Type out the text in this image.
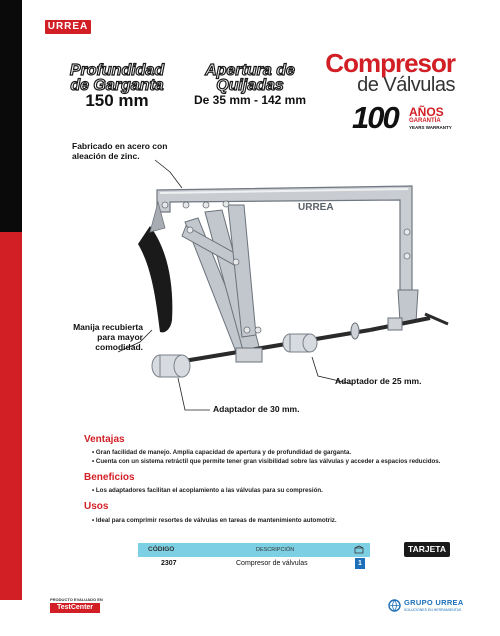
URREA
Profundidad de Garganta
150 mm
Apertura de Quijadas
De 35 mm - 142 mm
Compresor
de Válvulas
100 AÑOS
GARANTÍA
YEARS WARRANTY
URREA
Fabricado en acero con aleación de zinc.
Manija recubierta para mayor comodidad.
Adaptador de 25 mm.
Adaptador de 30 mm.
Ventajas
• Gran facilidad de manejo. Amplia capacidad de apertura y de profundidad de garganta.
• Cuenta con un sistema retráctil que permite tener gran visibilidad sobre las válvulas y acceder a espacios reducidos.
Beneficios
• Los adaptadores facilitan el acoplamiento a las válvulas para su compresión.
Usos
• Ideal para comprimir resortes de válvulas en tareas de mantenimiento automotriz.
CÓDIGO	DESCRIPCIÓN
2307	Compresor de válvulas	1
TARJETA
PRODUCTO EVALUADO EN
TestCenter
GRUPO URREA
SOLUCIONES EN HERRAMIENTAS
